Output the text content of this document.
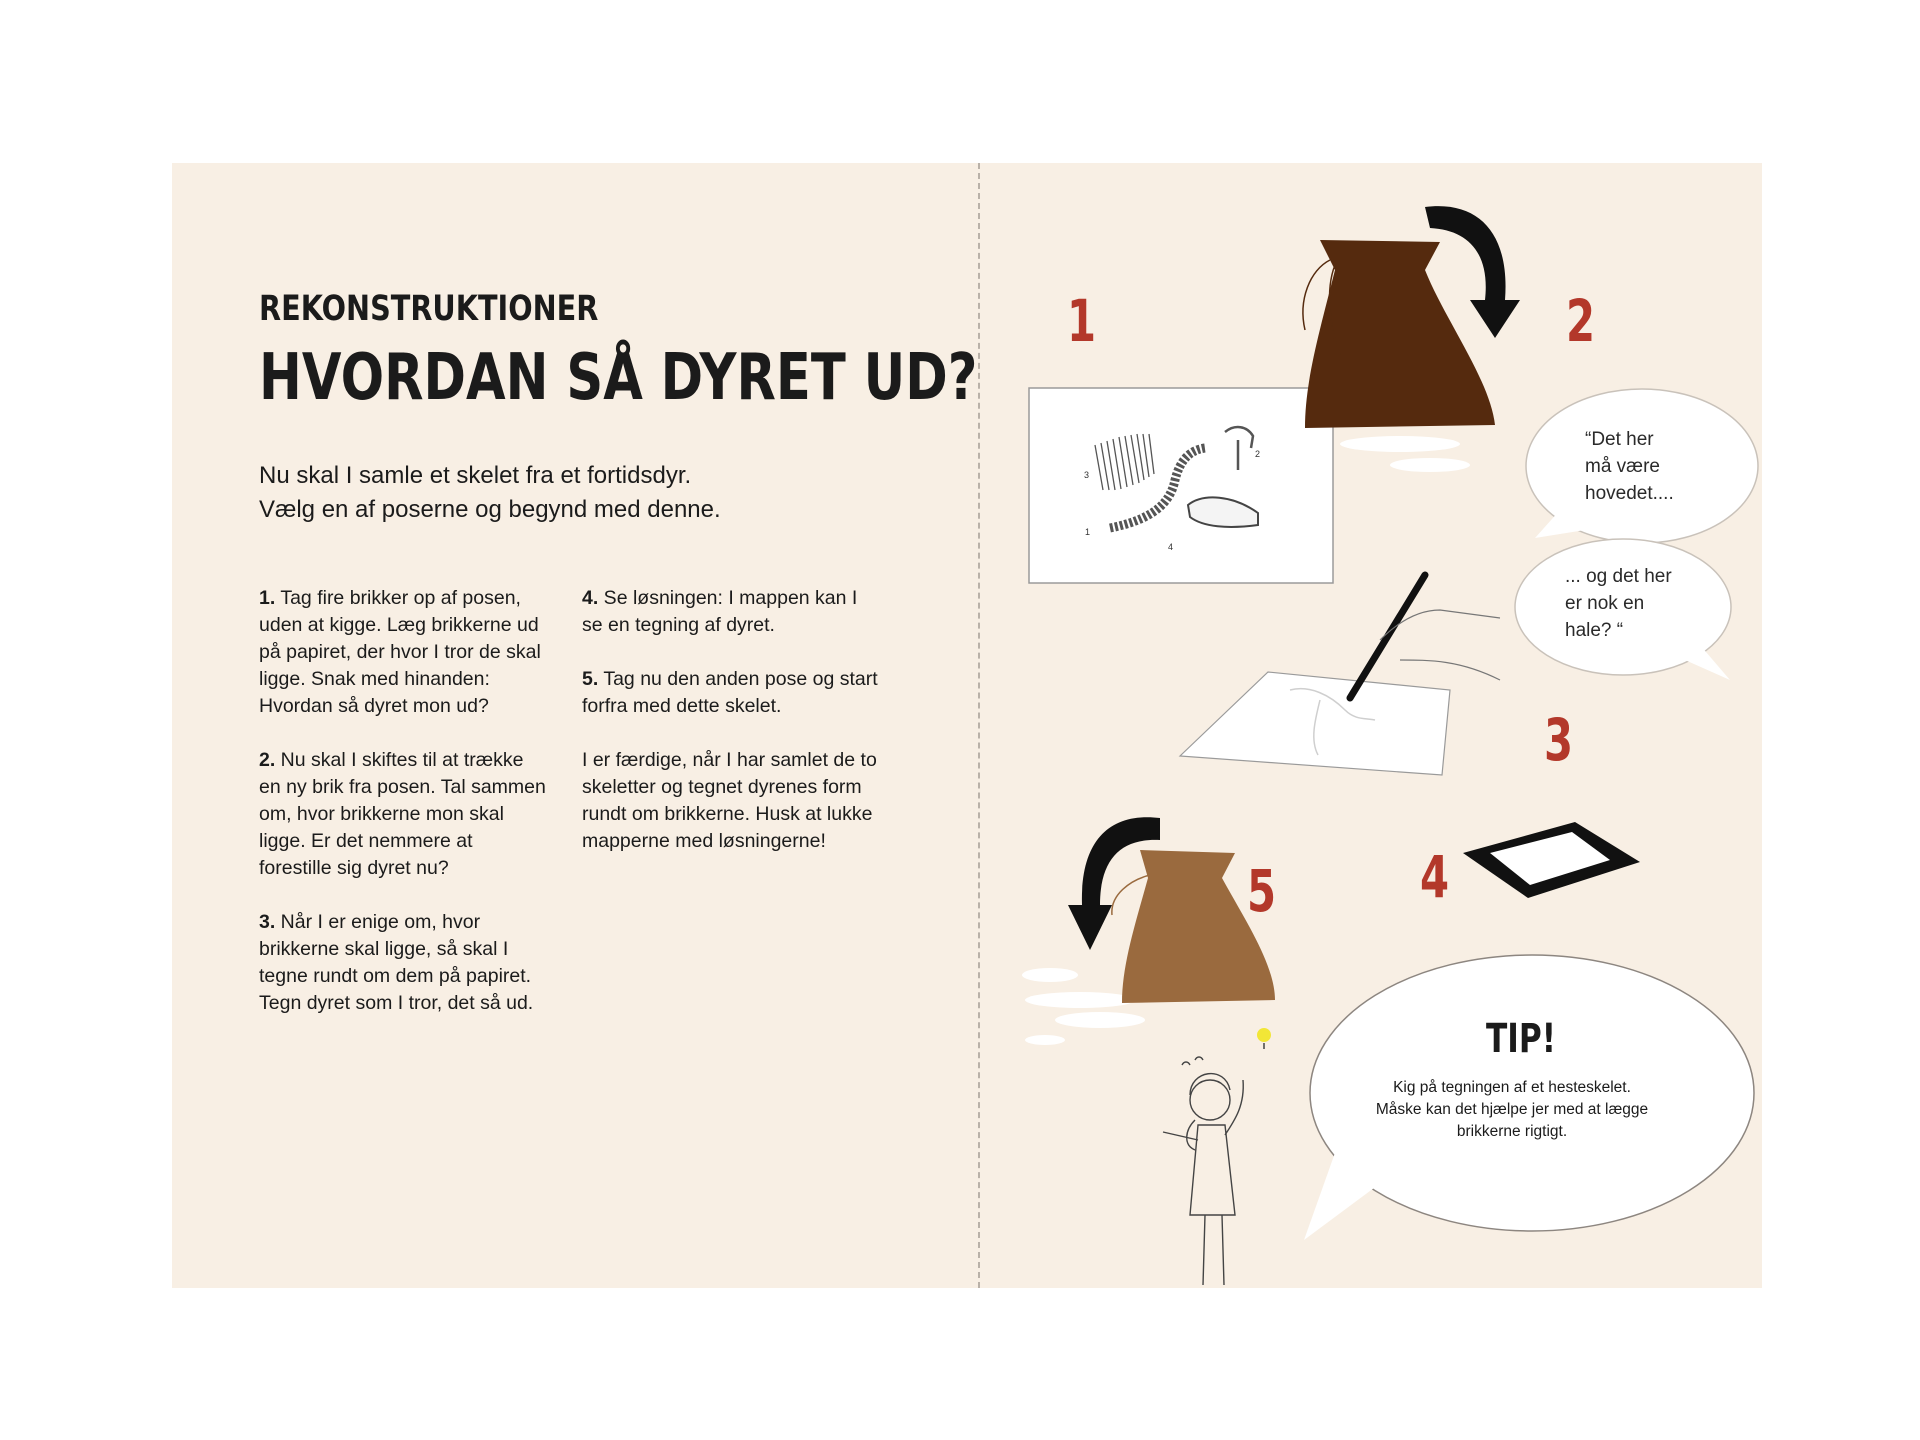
REKONSTRUKTIONER
HVORDAN SÅ DYRET UD?
Nu skal I samle et skelet fra et fortidsdyr.
Vælg en af poserne og begynd med denne.
1. Tag fire brikker op af posen, uden at kigge. Læg brikkerne ud på papiret, der hvor I tror de skal ligge. Snak med hinanden: Hvordan så dyret mon ud?
2. Nu skal I skiftes til at trække en ny brik fra posen. Tal sammen om, hvor brikkerne mon skal ligge. Er det nemmere at forestille sig dyret nu?
3. Når I er enige om, hvor brikkerne skal ligge, så skal I tegne rundt om dem på papiret. Tegn dyret som I tror, det så ud.
4. Se løsningen: I mappen kan I se en tegning af dyret.
5. Tag nu den anden pose og start forfra med dette skelet.
I er færdige, når I har samlet de to skeletter og tegnet dyrenes form rundt om brikkerne. Husk at lukke mapperne med løsningerne!
3
2
1
4
1	2
3
4
5
“Det her
må være
hovedet....
... og det her
er nok en
hale? “
TIP!
Kig på tegningen af et hesteskelet.
Måske kan det hjælpe jer med at lægge
brikkerne rigtigt.
